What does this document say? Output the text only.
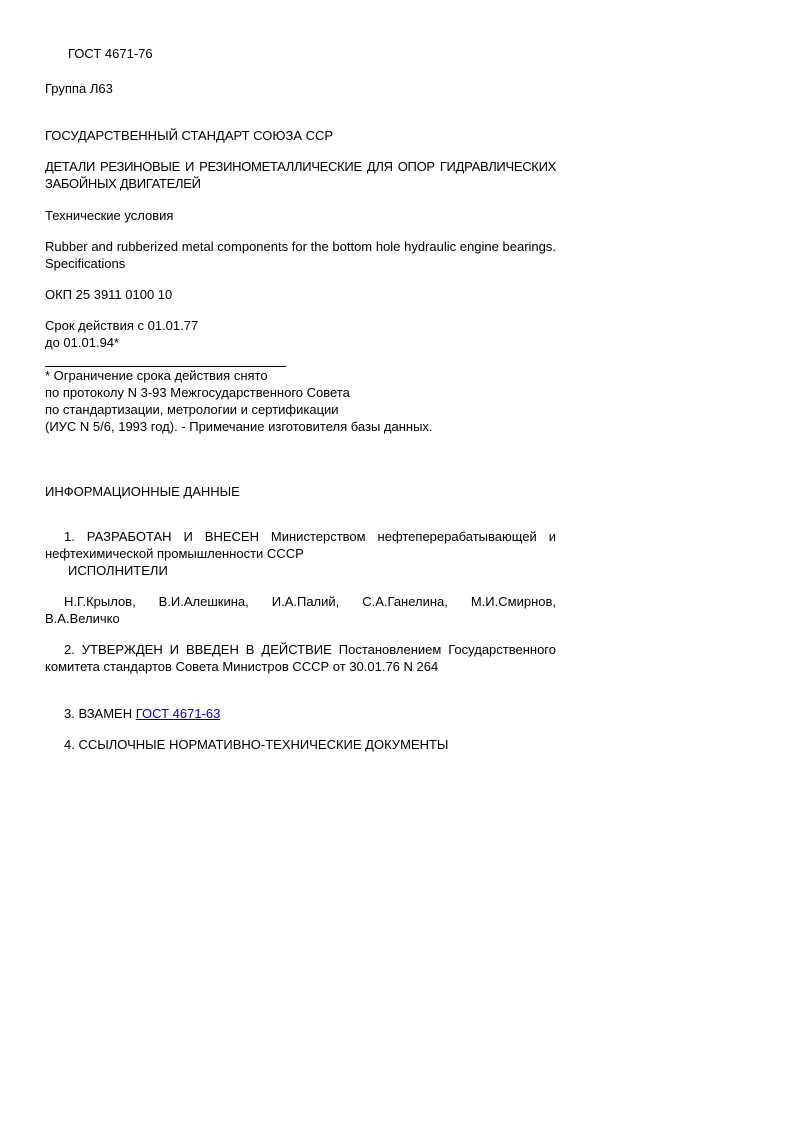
ГОСТ 4671-76
Группа Л63
ГОСУДАРСТВЕННЫЙ СТАНДАРТ СОЮЗА ССР
ДЕТАЛИ РЕЗИНОВЫЕ И РЕЗИНОМЕТАЛЛИЧЕСКИЕ ДЛЯ ОПОР ГИДРАВЛИЧЕСКИХ ЗАБОЙНЫХ ДВИГАТЕЛЕЙ
Технические условия
Rubber and rubberized metal components for the bottom hole hydraulic engine bearings. Specifications
ОКП 25 3911 0100 10
Срок действия с 01.01.77
до 01.01.94*
* Ограничение срока действия снято
по протоколу N 3-93 Межгосударственного Совета
по стандартизации, метрологии и сертификации
(ИУС N 5/6, 1993 год). - Примечание изготовителя базы данных.
ИНФОРМАЦИОННЫЕ ДАННЫЕ
1. РАЗРАБОТАН И ВНЕСЕН Министерством нефтеперерабатывающей и нефтехимической промышленности СССР
ИСПОЛНИТЕЛИ
Н.Г.Крылов, В.И.Алешкина, И.А.Палий, С.А.Ганелина, М.И.Смирнов, В.А.Величко
2. УТВЕРЖДЕН И ВВЕДЕН В ДЕЙСТВИЕ Постановлением Государственного комитета стандартов Совета Министров СССР от 30.01.76 N 264
3. ВЗАМЕН ГОСТ 4671-63
4. ССЫЛОЧНЫЕ НОРМАТИВНО-ТЕХНИЧЕСКИЕ ДОКУМЕНТЫ
